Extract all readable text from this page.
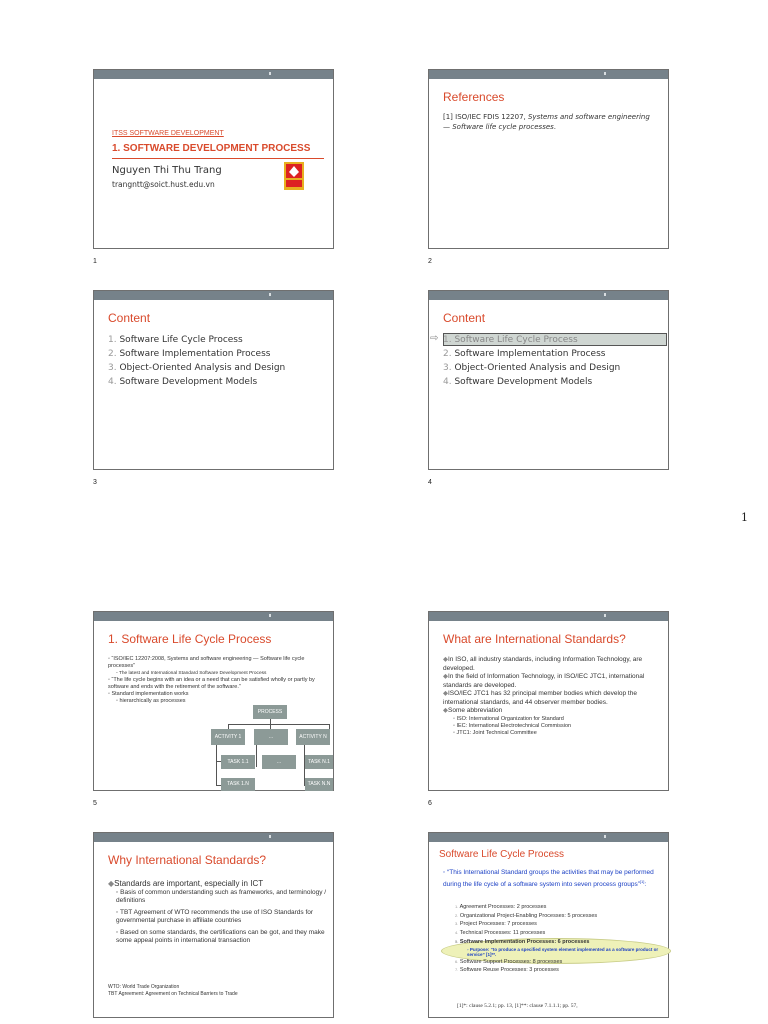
1
ITSS SOFTWARE DEVELOPMENT
1. SOFTWARE DEVELOPMENT PROCESS
Nguyen Thi Thu Trang
trangntt@soict.hust.edu.vn
1
References
[1] ISO/IEC FDIS 12207, Systems and software engineering — Software life cycle processes.
2
Content
1. Software Life Cycle Process
2. Software Implementation Process
3. Object-Oriented Analysis and Design
4. Software Development Models
3
Content
⇨ 1. Software Life Cycle Process
2. Software Implementation Process
3. Object-Oriented Analysis and Design
4. Software Development Models
4
1. Software Life Cycle Process
◦ “ISO/IEC 12207:2008, Systems and software engineering — Software life cycle processes”
◦ The latest and International Standard Software Development Process
◦ “The life cycle begins with an idea or a need that can be satisfied wholly or partly by software and ends with the retirement of the software.”
◦ Standard implementation works
◦ hierarchically as processes
PROCESS
ACTIVITY 1	…	ACTIVITY N
TASK 1.1	…	TASK N.1
TASK 1.N	TASK N.N
5
What are International Standards?
◆In ISO, all industry standards, including Information Technology, are developed.
◆In the field of Information Technology, in ISO/IEC JTC1, international standards are developed.
◆ISO/IEC JTC1 has 32 principal member bodies which develop the international standards, and 44 observer member bodies.
◆Some abbreviation
◦ ISO: International Organization for Standard
◦ IEC: International Electrotechnical Commission
◦ JTC1: Joint Technical Committee
6
Why International Standards?
◆Standards are important, especially in ICT
◦ Basis of common understanding such as frameworks, and terminology / definitions
◦ TBT Agreement of WTO recommends the use of ISO Standards for governmental purchase in affiliate countries
◦ Based on some standards, the certifications can be got, and they make some appeal points in international transaction
WTO: World Trade Organization
TBT Agreement: Agreement on Technical Barriers to Trade
Software Life Cycle Process
◦ “This International Standard groups the activities that may be performed during the life cycle of a software system into seven process groups”[1]:
1. Agreement Processes: 2 processes
2. Organizational Project-Enabling Processes: 5 processes
3. Project Processes: 7 processes
4. Technical Processes: 11 processes
5. Software Implementation Processes: 6 processes
◦ Purpose: “to produce a specified system element implemented as a software product or service” [1]**.
6. Software Support Processes: 8 processes
7. Software Reuse Processes: 3 processes
[1]*: clause 5.2.1; pp. 13, [1]**: clause 7.1.1.1; pp. 57,
